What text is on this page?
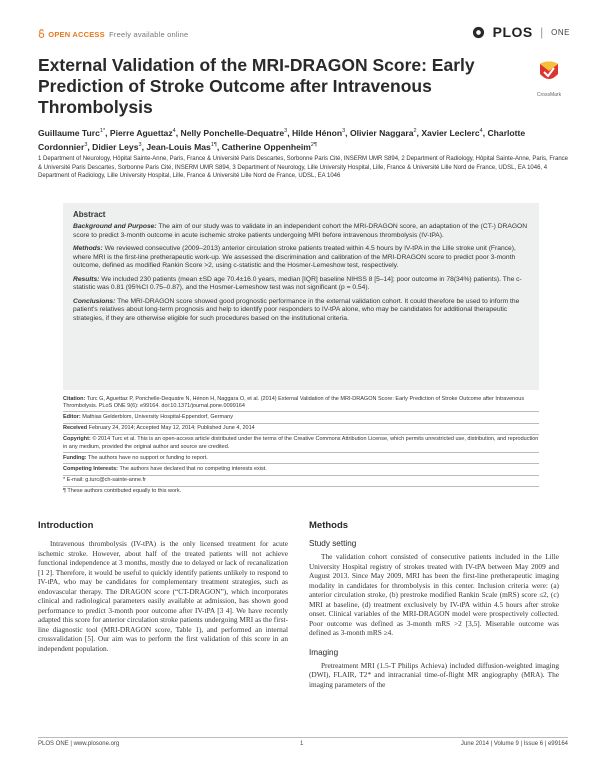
OPEN ACCESS Freely available online	PLOS | ONE
External Validation of the MRI-DRAGON Score: Early Prediction of Stroke Outcome after Intravenous Thrombolysis
CrossMark
Guillaume Turc$^{1*}$, Pierre Aguettaz$^4$, Nelly Ponchelle-Dequatre$^3$, Hilde Hénon$^3$, Olivier Naggara$^2$, Xavier Leclerc$^4$, Charlotte Cordonnier$^3$, Didier Leys$^3$, Jean-Louis Mas$^{1\P}$, Catherine Oppenheim$^{2\P}$
1 Department of Neurology, Hôpital Sainte-Anne, Paris, France & Université Paris Descartes, Sorbonne Paris Cité, INSERM UMR S894, 2 Department of Radiology, Hôpital Sainte-Anne, Paris, France & Université Paris Descartes, Sorbonne Paris Cité, INSERM UMR S894, 3 Department of Neurology, Lille University Hospital, Lille, France & Université Lille Nord de France, UDSL, EA 1046, 4 Department of Radiology, Lille University Hospital, Lille, France & Université Lille Nord de France, UDSL, EA 1046
Abstract

Background and Purpose: The aim of our study was to validate in an independent cohort the MRI-DRAGON score, an adaptation of the (CT-) DRAGON score to predict 3-month outcome in acute ischemic stroke patients undergoing MRI before intravenous thrombolysis (IV-tPA).

Methods: We reviewed consecutive (2009–2013) anterior circulation stroke patients treated within 4.5 hours by IV-tPA in the Lille stroke unit (France), where MRI is the first-line pretherapeutic work-up. We assessed the discrimination and calibration of the MRI-DRAGON score to predict poor 3-month outcome, defined as modified Rankin Score >2, using c-statistic and the Hosmer-Lemeshow test, respectively.

Results: We included 230 patients (mean ±SD age 70.4±16.0 years, median [IQR] baseline NIHSS 8 [5–14]; poor outcome in 78(34%) patients). The c-statistic was 0.81 (95%CI 0.75–0.87), and the Hosmer-Lemeshow test was not significant (p = 0.54).

Conclusions: The MRI-DRAGON score showed good prognostic performance in the external validation cohort. It could therefore be used to inform the patient's relatives about long-term prognosis and help to identify poor responders to IV-tPA alone, who may be candidates for additional therapeutic strategies, if they are otherwise eligible for such procedures based on the institutional criteria.

Citation: Turc G, Aguettaz P, Ponchelle-Dequatre N, Hénon H, Naggara O, et al. (2014) External Validation of the MRI-DRAGON Score: Early Prediction of Stroke Outcome after Intravenous Thrombolysis. PLoS ONE 9(6): e99164. doi:10.1371/journal.pone.0099164
Editor: Mathias Gelderblom, University Hospital-Eppendorf, Germany
Received February 24, 2014; Accepted May 12, 2014; Published June 4, 2014
Copyright: © 2014 Turc et al. This is an open-access article distributed under the terms of the Creative Commons Attribution License, which permits unrestricted use, distribution, and reproduction in any medium, provided the original author and source are credited.
Funding: The authors have no support or funding to report.
Competing Interests: The authors have declared that no competing interests exist.
* E-mail: g.turc@ch-sainte-anne.fr
¶ These authors contributed equally to this work.
Introduction

Intravenous thrombolysis (IV-tPA) is the only licensed treatment for acute ischemic stroke. However, about half of the treated patients will not achieve functional independence at 3 months, mostly due to delayed or lack of recanalization [1 2]. Therefore, it would be useful to quickly identify patients unlikely to respond to IV-tPA, who may be candidates for complementary treatment strategies, such as endovascular therapy. The DRAGON score (“CT-DRAGON”), which incorporates clinical and radiological parameters easily available at admission, has shown good performance to predict 3-month poor outcome after IV-tPA [3 4]. We have recently adapted this score for anterior circulation stroke patients undergoing MRI as the first-line diagnostic tool (MRI-DRAGON score, Table 1), and performed an internal crossvalidation [5]. Our aim was to perform the first validation of this score in an independent population.

Methods
Study setting

The validation cohort consisted of consecutive patients included in the Lille University Hospital registry of strokes treated with IV-tPA between May 2009 and August 2013. Since May 2009, MRI has been the first-line pretherapeutic imaging modality in candidates for thrombolysis in this center. Inclusion criteria were: (a) anterior circulation stroke, (b) prestroke modified Rankin Scale (mRS) score ≤2, (c) MRI at baseline, (d) treatment exclusively by IV-tPA within 4.5 hours after stroke onset. Clinical variables of the MRI-DRAGON model were prospectively collected. Poor outcome was defined as 3-month mRS >2 [3,5]. Miserable outcome was defined as 3-month mRS ≥4.

Imaging

Pretreatment MRI (1.5-T Philips Achieva) included diffusion-weighted imaging (DWI), FLAIR, T2* and intracranial time-of-flight MR angiography (MRA). The imaging parameters of the

PLOS ONE | www.plosone.org	1	June 2014 | Volume 9 | Issue 6 | e99164
